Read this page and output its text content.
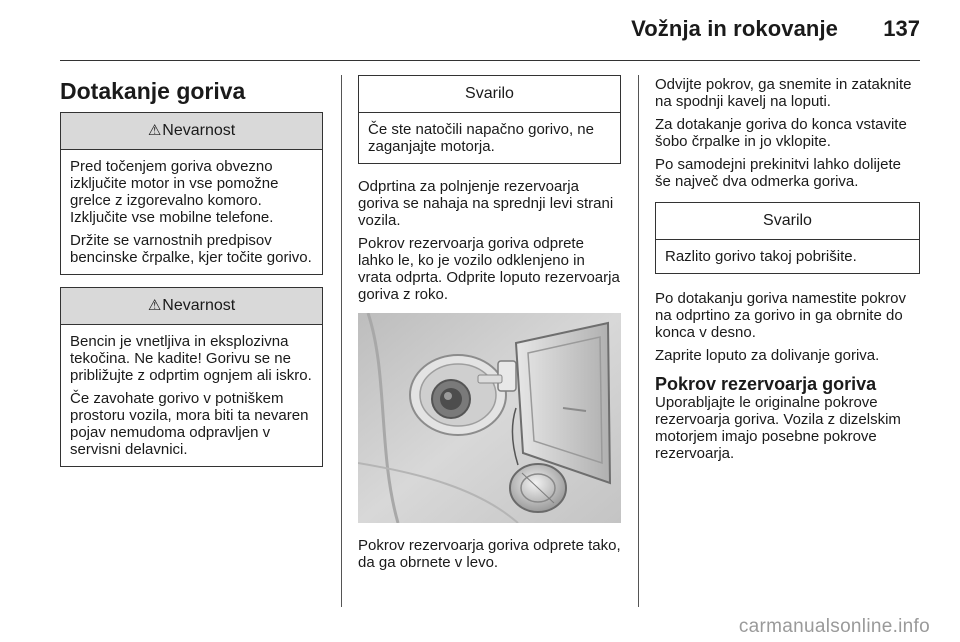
Vožnja in rokovanje 137
Dotakanje goriva
⚠Nevarnost

Pred točenjem goriva obvezno izključite motor in vse pomožne grelce z izgorevalno komoro. Izključite vse mobilne telefone.

Držite se varnostnih predpisov bencinske črpalke, kjer točite gorivo.

⚠Nevarnost

Bencin je vnetljiva in eksplozivna tekočina. Ne kadite! Gorivu se ne približujte z odprtim ognjem ali iskro.

Če zavohate gorivo v potniškem prostoru vozila, mora biti ta nevaren pojav nemudoma odpravljen v servisni delavnici.

Svarilo

Če ste natočili napačno gorivo, ne zaganjajte motorja.

Odprtina za polnjenje rezervoarja goriva se nahaja na sprednji levi strani vozila.

Pokrov rezervoarja goriva odprete lahko le, ko je vozilo odklenjeno in vrata odprta. Odprite loputo rezervoarja goriva z roko.

Pokrov rezervoarja goriva odprete tako, da ga obrnete v levo.

Odvijte pokrov, ga snemite in zataknite na spodnji kavelj na loputi.

Za dotakanje goriva do konca vstavite šobo črpalke in jo vklopite.

Po samodejni prekinitvi lahko dolijete še največ dva odmerka goriva.

Svarilo

Razlito gorivo takoj pobrišite.

Po dotakanju goriva namestite pokrov na odprtino za gorivo in ga obrnite do konca v desno.

Zaprite loputo za dolivanje goriva.

Pokrov rezervoarja goriva

Uporabljajte le originalne pokrove rezervoarja goriva. Vozila z dizelskim motorjem imajo posebne pokrove rezervoarja.

carmanualsonline.info
